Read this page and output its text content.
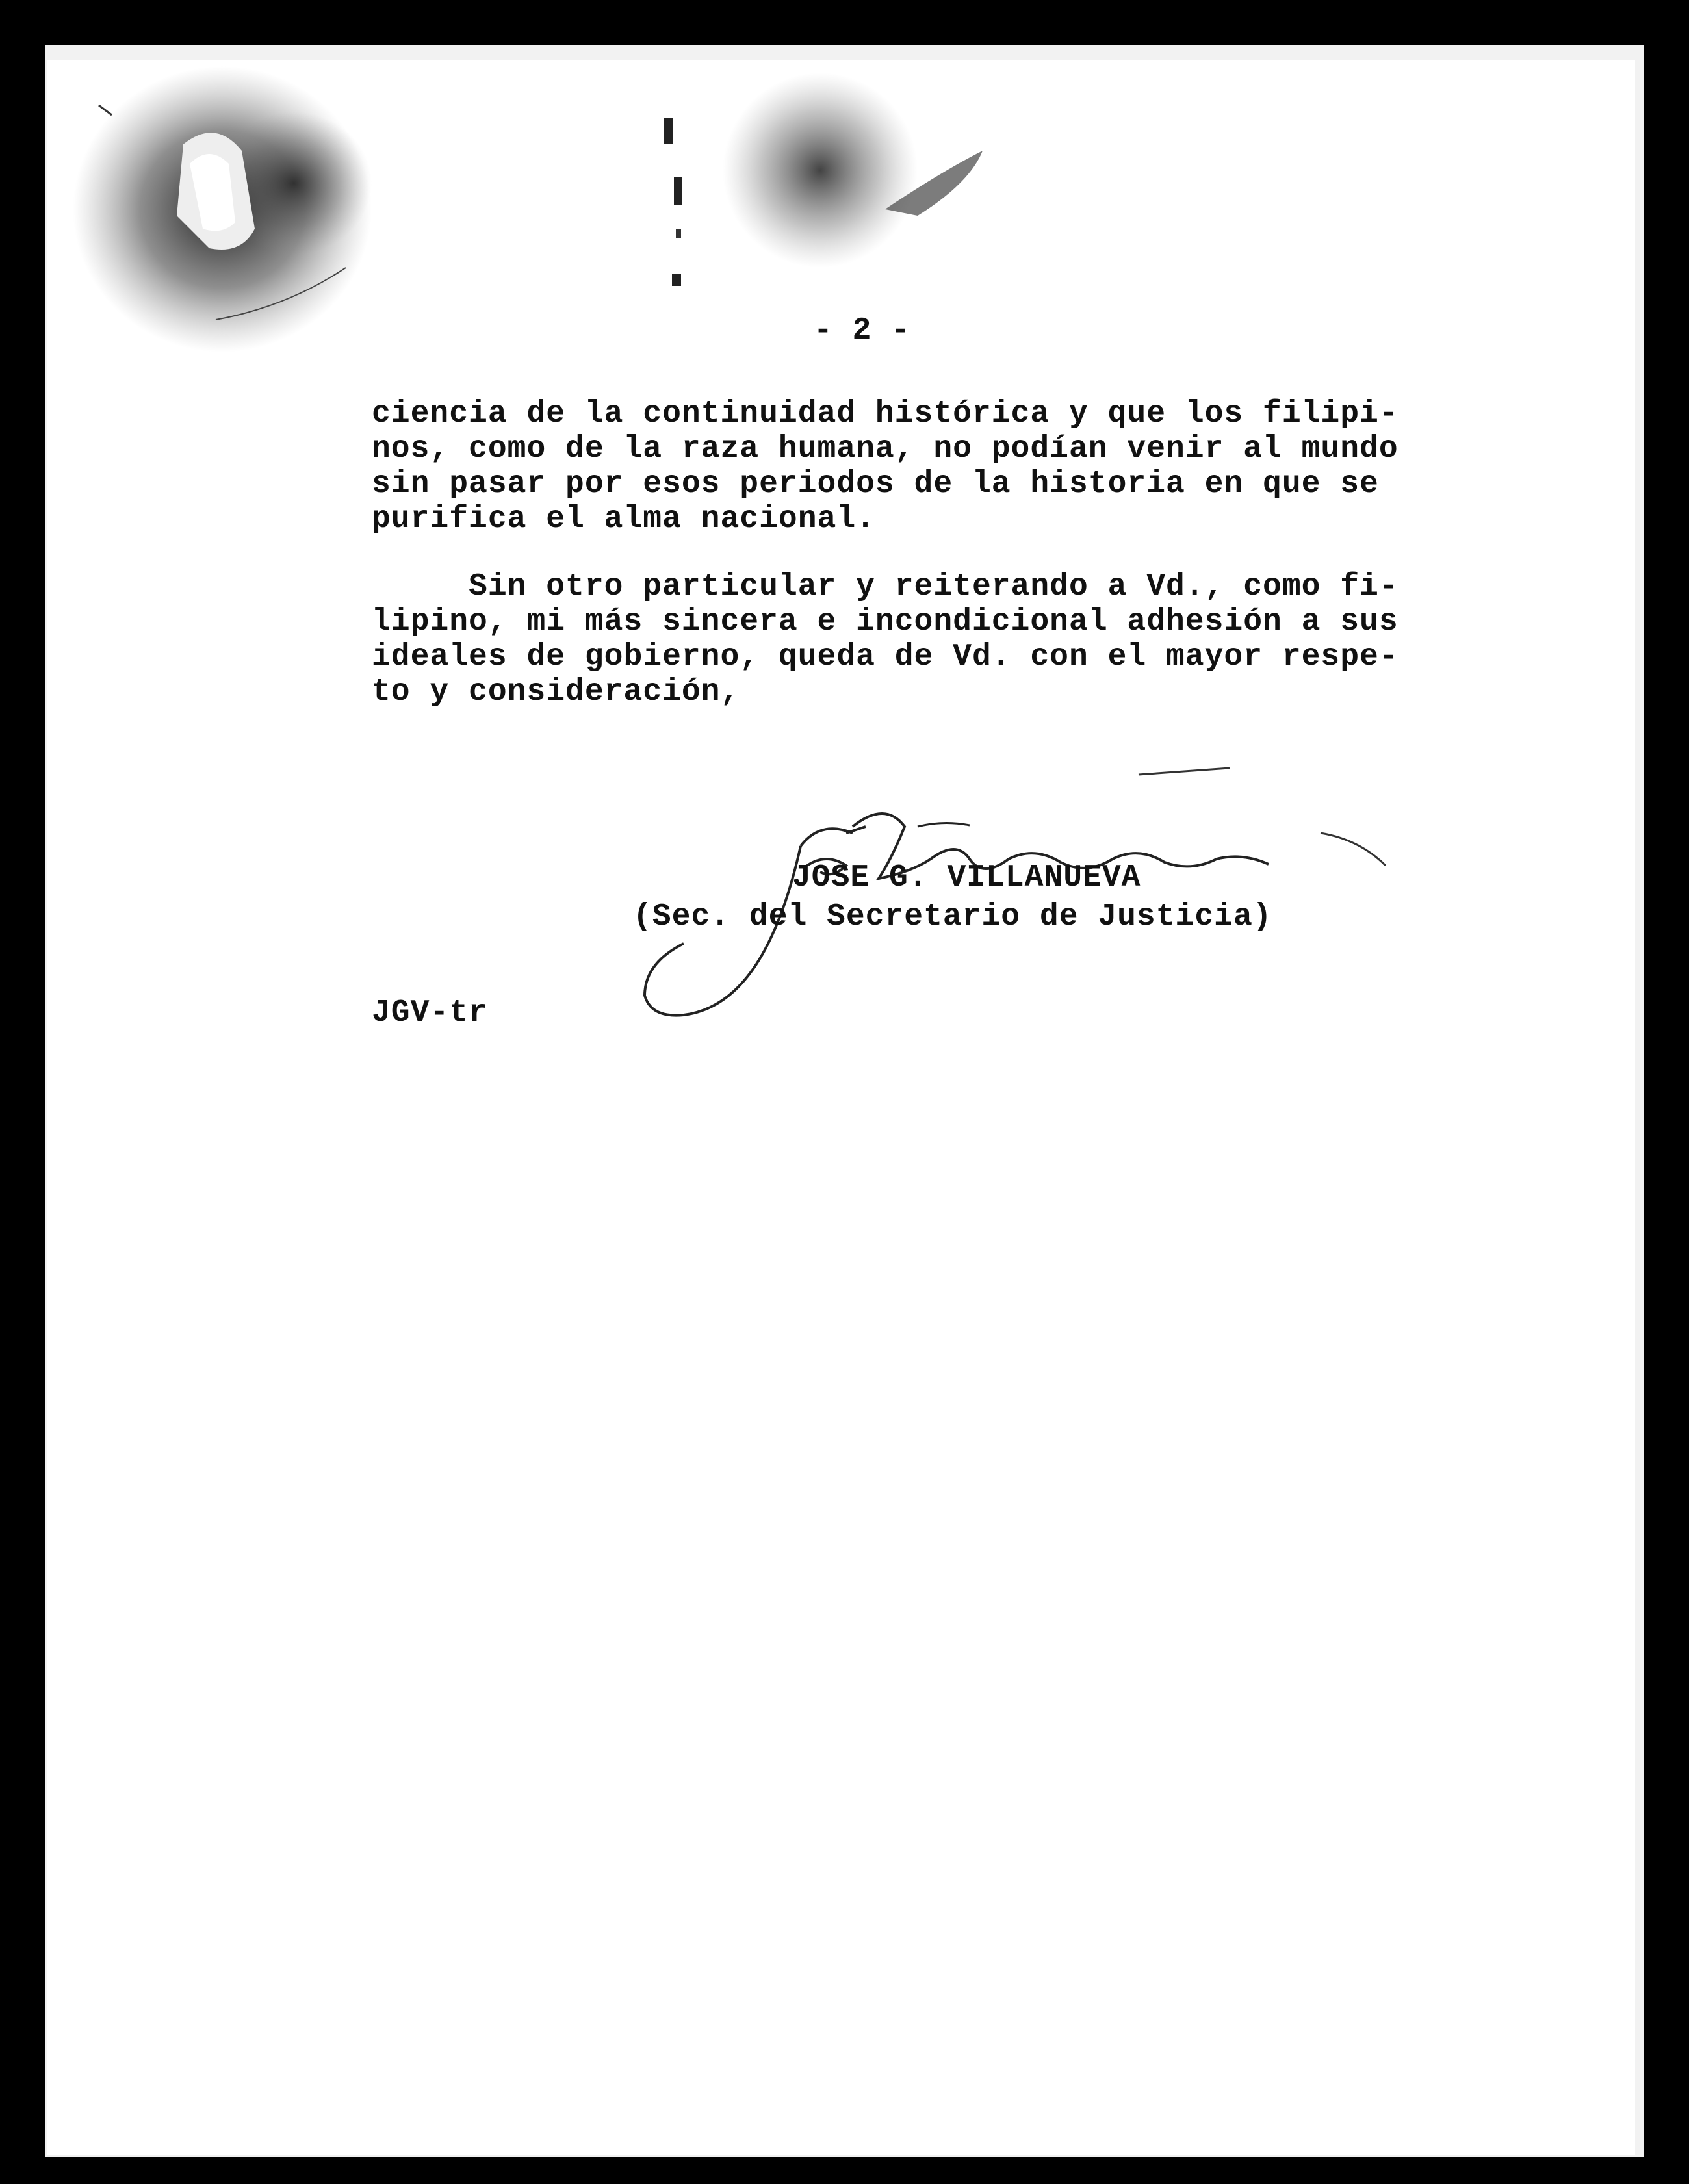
- 2 -
ciencia de la continuidad histórica y que los filipi-
nos, como de la raza humana, no podían venir al mundo
sin pasar por esos periodos de la historia en que se
purifica el alma nacional.
Sin otro particular y reiterando a Vd., como fi-
lipino, mi más sincera e incondicional adhesión a sus
ideales de gobierno, queda de Vd. con el mayor respe-
to y consideración,
JOSE G. VILLANUEVA
(Sec. del Secretario de Justicia)
JGV-tr
